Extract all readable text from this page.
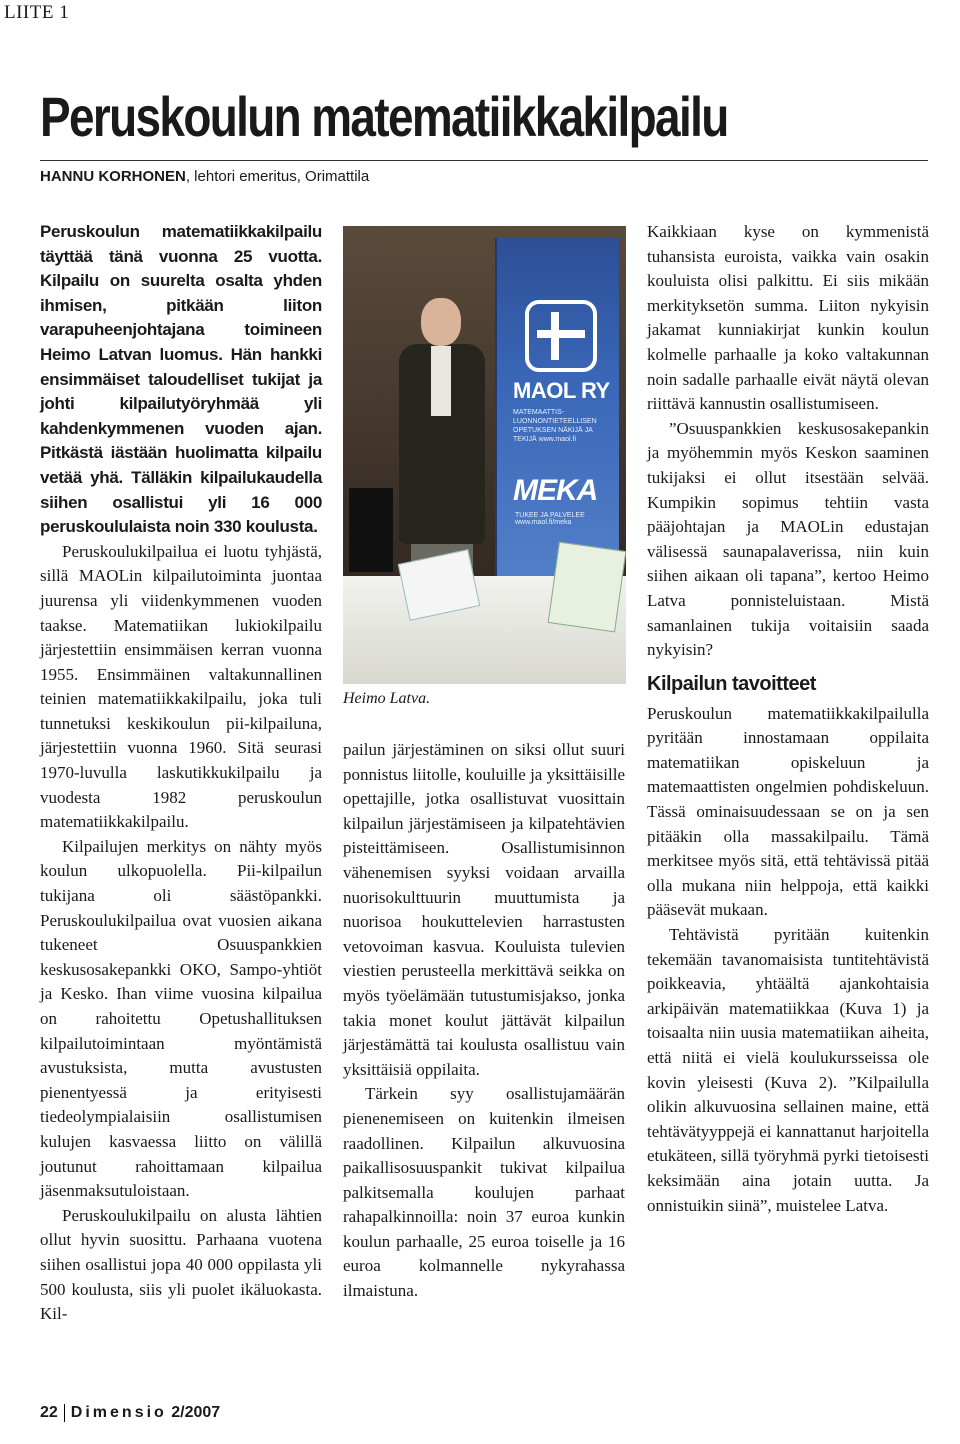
LIITE 1
Peruskoulun matematiikkakilpailu
HANNU KORHONEN, lehtori emeritus, Orimattila

Peruskoulun matematiikkakilpailu täyttää tänä vuonna 25 vuotta. Kilpailu on suurelta osalta yhden ihmisen, pitkään liiton varapuheenjohtajana toimineen Heimo Latvan luomus. Hän hankki ensimmäiset taloudelliset tukijat ja johti kilpailutyöryhmää yli kahdenkymmenen vuoden ajan. Pitkästä iästään huolimatta kilpailu vetää yhä. Tälläkin kilpailukaudella siihen osallistui yli 16 000 peruskoululaista noin 330 koulusta.

Peruskoulukilpailua ei luotu tyhjästä, sillä MAOLin kilpailutoiminta juontaa juurensa yli viidenkymmenen vuoden taakse. Matematiikan lukiokilpailu järjestettiin ensimmäisen kerran vuonna 1955. Ensimmäinen valtakunnallinen teinien matematiikkakilpailu, joka tuli tunnetuksi keskikoulun pii-kilpailuna, järjestettiin vuonna 1960. Sitä seurasi 1970-luvulla laskutikkukilpailu ja vuodesta 1982 peruskoulun matematiikkakilpailu.

Kilpailujen merkitys on nähty myös koulun ulkopuolella. Pii-kilpailun tukijana oli säästöpankki. Peruskoulukilpailua ovat vuosien aikana tukeneet Osuuspankkien keskusosakepankki OKO, Sampo-yhtiöt ja Kesko. Ihan viime vuosina kilpailua on rahoitettu Opetushallituksen kilpailutoimintaan myöntämistä avustuksista, mutta avustusten pienentyessä ja erityisesti tiedeolympialaisiin osallistumisen kulujen kasvaessa liitto on välillä joutunut rahoittamaan kilpailua jäsenmaksutuloistaan.

Peruskoulukilpailu on alusta lähtien ollut hyvin suosittu. Parhaana vuotena siihen osallistui jopa 40 000 oppilasta yli 500 koulusta, siis yli puolet ikäluokasta. Kil-

MAOL RY
MATEMAATTIS-LUONNONTIETEELLISEN OPETUKSEN NÄKIJÄ JA TEKIJÄ www.maol.fi
MEKA
TUKEE JA PALVELEE www.maol.fi/meka
Heimo Latva.

pailun järjestäminen on siksi ollut suuri ponnistus liitolle, kouluille ja yksittäisille opettajille, jotka osallistuvat vuosittain kilpailun järjestämiseen ja kilpatehtävien pisteittämiseen. Osallistumisinnon vähenemisen syyksi voidaan arvailla nuorisokulttuurin muuttumista ja nuorisoa houkuttelevien harrastusten vetovoiman kasvua. Kouluista tulevien viestien perusteella merkittävä seikka on myös työelämään tutustumisjakso, jonka takia monet koulut jättävät kilpailun järjestämättä tai koulusta osallistuu vain yksittäisiä oppilaita.

Tärkein syy osallistujamäärän pienenemiseen on kuitenkin ilmeisen raadollinen. Kilpailun alkuvuosina paikallisosuuspankit tukivat kilpailua palkitsemalla koulujen parhaat rahapalkinnoilla: noin 37 euroa kunkin koulun parhaalle, 25 euroa toiselle ja 16 euroa kolmannelle nykyrahassa ilmaistuna.

Kaikkiaan kyse on kymmenistä tuhansista euroista, vaikka vain osakin kouluista olisi palkittu. Ei siis mikään merkityksetön summa. Liiton nykyisin jakamat kunniakirjat kunkin koulun kolmelle parhaalle ja koko valtakunnan noin sadalle parhaalle eivät näytä olevan riittävä kannustin osallistumiseen.

”Osuuspankkien keskusosakepankin ja myöhemmin myös Keskon saaminen tukijaksi ei ollut itsestään selvää. Kumpikin sopimus tehtiin vasta pääjohtajan ja MAOLin edustajan välisessä saunapalaverissa, niin kuin siihen aikaan oli tapana”, kertoo Heimo Latva ponnisteluistaan. Mistä samanlainen tukija voitaisiin saada nykyisin?

Kilpailun tavoitteet

Peruskoulun matematiikkakilpailulla pyritään innostamaan oppilaita matematiikan opiskeluun ja matemaattisten ongelmien pohdiskeluun. Tässä ominaisuudessaan se on ja sen pitääkin olla massakilpailu. Tämä merkitsee myös sitä, että tehtävissä pitää olla mukana niin helppoja, että kaikki pääsevät mukaan.

Tehtävistä pyritään kuitenkin tekemään tavanomaisista tuntitehtävistä poikkeavia, yhtäältä ajankohtaisia arkipäivän matematiikkaa (Kuva 1) ja toisaalta niin uusia matematiikan aiheita, että niitä ei vielä koulukursseissa ole kovin yleisesti (Kuva 2). ”Kilpailulla olikin alkuvuosina sellainen maine, että tehtävätyyppejä ei kannattanut harjoitella etukäteen, sillä työryhmä pyrki tietoisesti keksimään aina jotain uutta. Ja onnistuikin siinä”, muistelee Latva.

22 Dimensio 2/2007
